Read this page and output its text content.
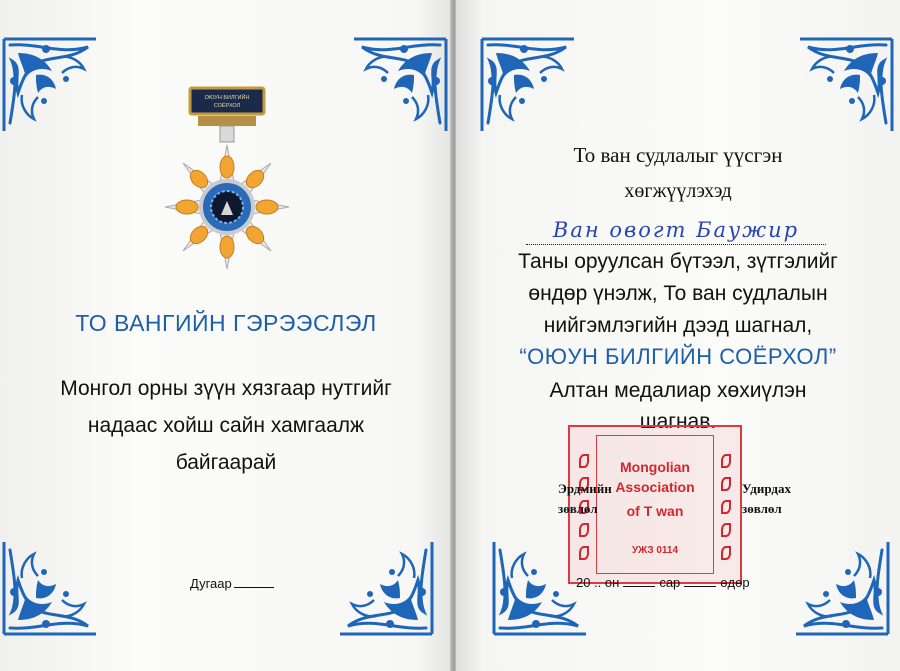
ОЮУН БИЛГИЙН
СОЁРХОЛ
ТО ВАНГИЙН ГЭРЭЭСЛЭЛ
Монгол орны зүүн хязгаар нутгийг
надаас хойш сайн хамгаалж
байгаарай
Дугаар
То ван судлалыг үүсгэн
хөгжүүлэхэд
Ван овогт Баужир
Таны оруулсан бүтээл, зүтгэлийг
өндөр үнэлж, То ван судлалын
нийгэмлэгийн дээд шагнал,
“ОЮУН БИЛГИЙН СОЁРХОЛ”
Алтан медалиар хөхиүлэн
шагнав.
Mongolian
Association
of T wan
УЖЗ 0114
Эрдмийн
зөвлөл
Удирдах
зөвлөл
20 .. он	сар	өдөр
